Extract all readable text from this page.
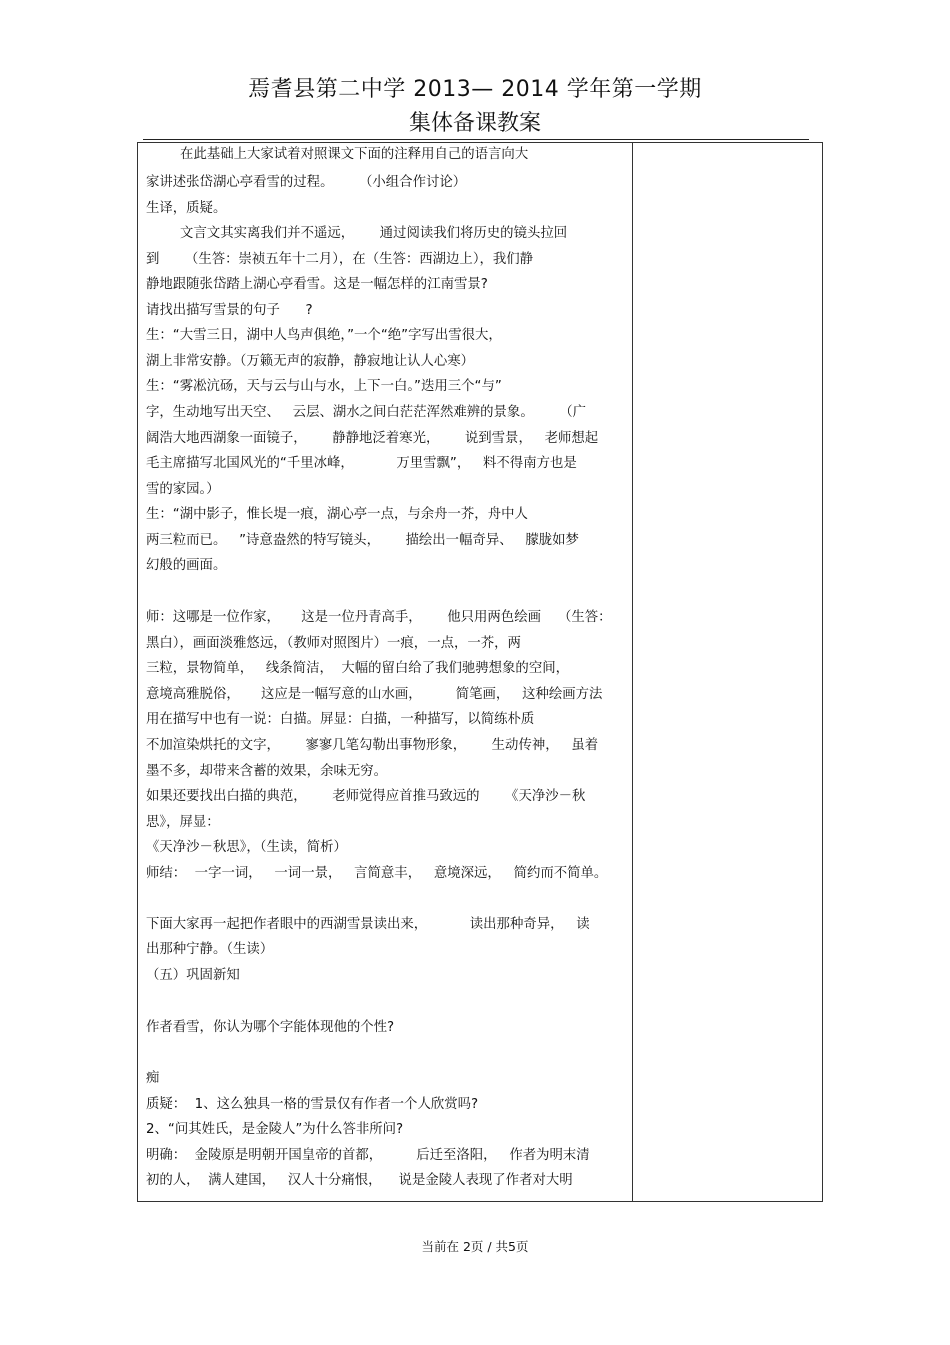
焉耆县第二中学 2013— 2014 学年第一学期
集体备课教案
在此基础上大家试着对照课文下面的注释用自己的语言向大
家讲述张岱湖心亭看雪的过程。      （小组合作讨论）
生译，质疑。
文言文其实离我们并不遥远，      通过阅读我们将历史的镜头拉回
到      （生答：崇祯五年十二月），在（生答：西湖边上），我们静
静地跟随张岱踏上湖心亭看雪。这是一幅怎样的江南雪景?
请找出描写雪景的句子      ?
生：“大雪三日，湖中人鸟声俱绝，”一个“绝”字写出雪很大，
湖上非常安静。（万籁无声的寂静，静寂地让认人心寒）
生：“雾凇沆砀，天与云与山与水，上下一白。”迭用三个“与”
字，生动地写出天空、   云层、湖水之间白茫茫浑然难辨的景象。      （广
阔浩大地西湖象一面镜子，      静静地泛着寒光，      说到雪景，   老师想起
毛主席描写北国风光的“千里冰峰，          万里雪飘”，   料不得南方也是
雪的家园。）
生：“湖中影子，惟长堤一痕，湖心亭一点，与余舟一芥，舟中人
两三粒而已。   ”诗意盎然的特写镜头，      描绘出一幅奇异、   朦胧如梦
幻般的画面。
师：这哪是一位作家，     这是一位丹青高手，      他只用两色绘画    （生答：
黑白），画面淡雅悠远，（教师对照图片）一痕，一点，一芥，两
三粒，景物简单，   线条简洁，  大幅的留白给了我们驰骋想象的空间，
意境高雅脱俗，     这应是一幅写意的山水画，        简笔画，   这种绘画方法
用在描写中也有一说：白描。屏显：白描，一种描写，以简练朴质
不加渲染烘托的文字，      寥寥几笔勾勒出事物形象，      生动传神，   虽着
墨不多，却带来含蓄的效果，余味无穷。
如果还要找出白描的典范，      老师觉得应首推马致远的      《天净沙－秋
思》，屏显：
《天净沙－秋思》，（生读，简析）
师结：  一字一词，   一词一景，   言简意丰，   意境深远，   简约而不简单。
下面大家再一起把作者眼中的西湖雪景读出来，          读出那种奇异，   读
出那种宁静。（生读）
（五）巩固新知
作者看雪，你认为哪个字能体现他的个性?
痴
质疑：  1、这么独具一格的雪景仅有作者一个人欣赏吗?
2、“问其姓氏，是金陵人”为什么答非所问?
明确：  金陵原是明朝开国皇帝的首都，        后迁至洛阳，   作者为明末清
初的人，  满人建国，   汉人十分痛恨，    说是金陵人表现了作者对大明
当前在 2页 / 共5页
